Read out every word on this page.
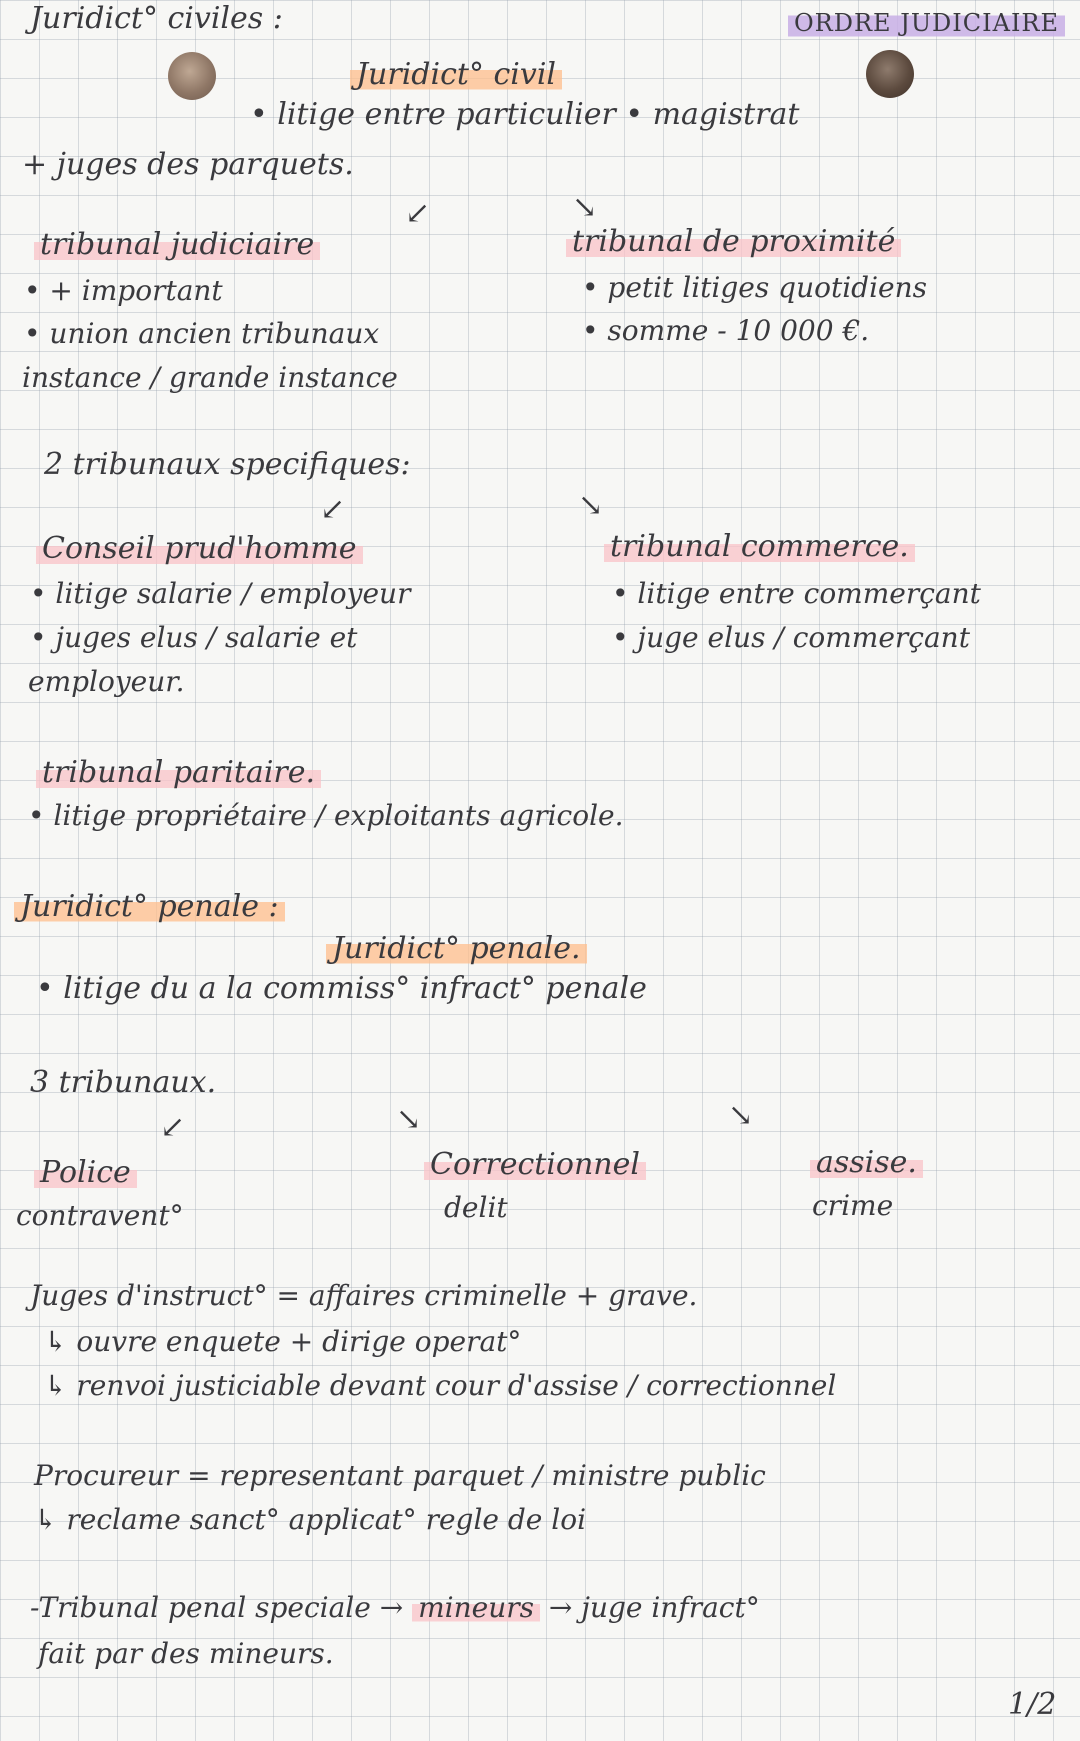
Juridict° civiles :	ORDRE JUDICIAIRE
Juridict° civil
• litige entre particulier • magistrat
+ juges des parquets.
↙	↘
tribunal judiciaire
• + important
• union ancien tribunaux
instance / grande instance
tribunal de proximité
• petit litiges quotidiens
• somme - 10 000 €.
2 tribunaux specifiques:
↙	↘
Conseil prud'homme
• litige salarie / employeur
• juges elus / salarie et
employeur.
tribunal commerce.
• litige entre commerçant
• juge elus / commerçant
tribunal paritaire.
• litige propriétaire / exploitants agricole.
Juridict° penale :
Juridict° penale.
• litige du a la commiss° infract° penale
3 tribunaux.
↙	↘	↘
Police
contravent°
Correctionnel
delit
assise.
crime
Juges d'instruct° = affaires criminelle + grave.
↳ ouvre enquete + dirige operat°
↳ renvoi justiciable devant cour d'assise / correctionnel
Procureur = representant parquet / ministre public
↳ reclame sanct° applicat° regle de loi
-Tribunal penal speciale → mineurs → juge infract°
fait par des mineurs.
1/2
